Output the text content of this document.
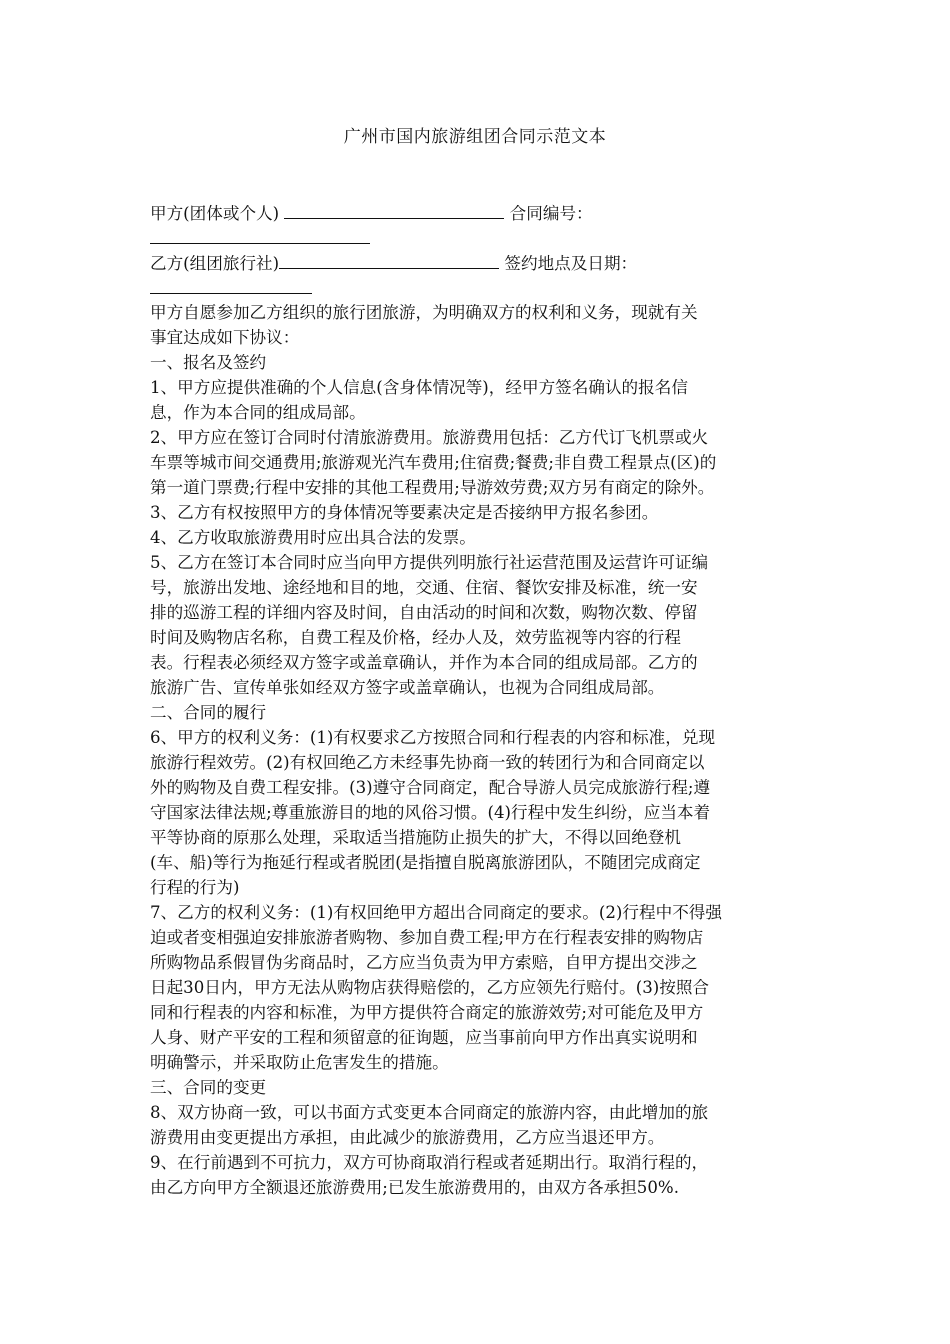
广州市国内旅游组团合同示范文本
甲方(团体或个人)	合同编号：
乙方(组团旅行社)	签约地点及日期：
甲方自愿参加乙方组织的旅行团旅游，为明确双方的权利和义务，现就有关
事宜达成如下协议：
一、报名及签约
1、甲方应提供准确的个人信息(含身体情况等)，经甲方签名确认的报名信
息，作为本合同的组成局部。
2、甲方应在签订合同时付清旅游费用。旅游费用包括：乙方代订飞机票或火
车票等城市间交通费用;旅游观光汽车费用;住宿费;餐费;非自费工程景点(区)的
第一道门票费;行程中安排的其他工程费用;导游效劳费;双方另有商定的除外。
3、乙方有权按照甲方的身体情况等要素决定是否接纳甲方报名参团。
4、乙方收取旅游费用时应出具合法的发票。
5、乙方在签订本合同时应当向甲方提供列明旅行社运营范围及运营许可证编
号，旅游出发地、途经地和目的地，交通、住宿、餐饮安排及标准，统一安
排的巡游工程的详细内容及时间，自由活动的时间和次数，购物次数、停留
时间及购物店名称，自费工程及价格，经办人及，效劳监视等内容的行程
表。行程表必须经双方签字或盖章确认，并作为本合同的组成局部。乙方的
旅游广告、宣传单张如经双方签字或盖章确认，也视为合同组成局部。
二、合同的履行
6、甲方的权利义务：(1)有权要求乙方按照合同和行程表的内容和标准，兑现
旅游行程效劳。(2)有权回绝乙方未经事先协商一致的转团行为和合同商定以
外的购物及自费工程安排。(3)遵守合同商定，配合导游人员完成旅游行程;遵
守国家法律法规;尊重旅游目的地的风俗习惯。(4)行程中发生纠纷，应当本着
平等协商的原那么处理，采取适当措施防止损失的扩大，不得以回绝登机
(车、船)等行为拖延行程或者脱团(是指擅自脱离旅游团队，不随团完成商定
行程的行为)
7、乙方的权利义务：(1)有权回绝甲方超出合同商定的要求。(2)行程中不得强
迫或者变相强迫安排旅游者购物、参加自费工程;甲方在行程表安排的购物店
所购物品系假冒伪劣商品时，乙方应当负责为甲方索赔，自甲方提出交涉之
日起30日内，甲方无法从购物店获得赔偿的，乙方应领先行赔付。(3)按照合
同和行程表的内容和标准，为甲方提供符合商定的旅游效劳;对可能危及甲方
人身、财产平安的工程和须留意的征询题，应当事前向甲方作出真实说明和
明确警示，并采取防止危害发生的措施。
三、合同的变更
8、双方协商一致，可以书面方式变更本合同商定的旅游内容，由此增加的旅
游费用由变更提出方承担，由此减少的旅游费用，乙方应当退还甲方。
9、在行前遇到不可抗力，双方可协商取消行程或者延期出行。取消行程的，
由乙方向甲方全额退还旅游费用;已发生旅游费用的，由双方各承担50%.
